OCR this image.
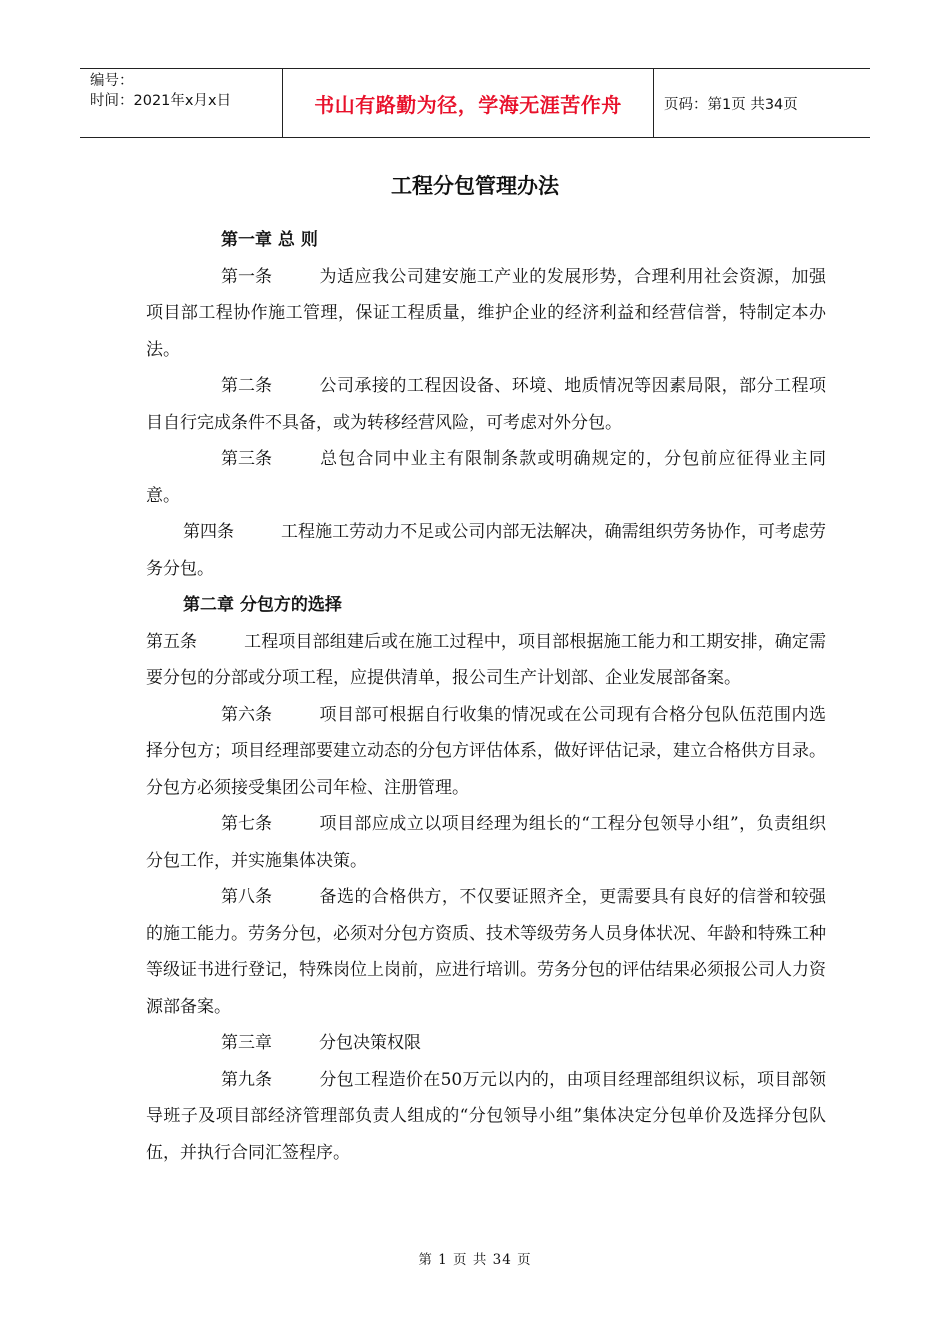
编号：
时间：2021年x月x日	书山有路勤为径，学海无涯苦作舟	页码：第1页 共34页
工程分包管理办法

第一章 总 则

第一条	为适应我公司建安施工产业的发展形势，合理利用社会资源，加强项目部工程协作施工管理，保证工程质量，维护企业的经济利益和经营信誉，特制定本办法。

第二条	公司承接的工程因设备、环境、地质情况等因素局限，部分工程项目自行完成条件不具备，或为转移经营风险，可考虑对外分包。

第三条	总包合同中业主有限制条款或明确规定的，分包前应征得业主同意。

第四条	工程施工劳动力不足或公司内部无法解决，确需组织劳务协作，可考虑劳务分包。

第二章 分包方的选择

第五条	工程项目部组建后或在施工过程中，项目部根据施工能力和工期安排，确定需要分包的分部或分项工程，应提供清单，报公司生产计划部、企业发展部备案。

第六条	项目部可根据自行收集的情况或在公司现有合格分包队伍范围内选择分包方；项目经理部要建立动态的分包方评估体系，做好评估记录，建立合格供方目录。分包方必须接受集团公司年检、注册管理。

第七条	项目部应成立以项目经理为组长的“工程分包领导小组”，负责组织分包工作，并实施集体决策。

第八条	备选的合格供方，不仅要证照齐全，更需要具有良好的信誉和较强的施工能力。劳务分包，必须对分包方资质、技术等级劳务人员身体状况、年龄和特殊工种等级证书进行登记，特殊岗位上岗前，应进行培训。劳务分包的评估结果必须报公司人力资源部备案。

第三章	分包决策权限

第九条	分包工程造价在50万元以内的，由项目经理部组织议标，项目部领导班子及项目部经济管理部负责人组成的“分包领导小组”集体决定分包单价及选择分包队伍，并执行合同汇签程序。

第 1 页 共 34 页
